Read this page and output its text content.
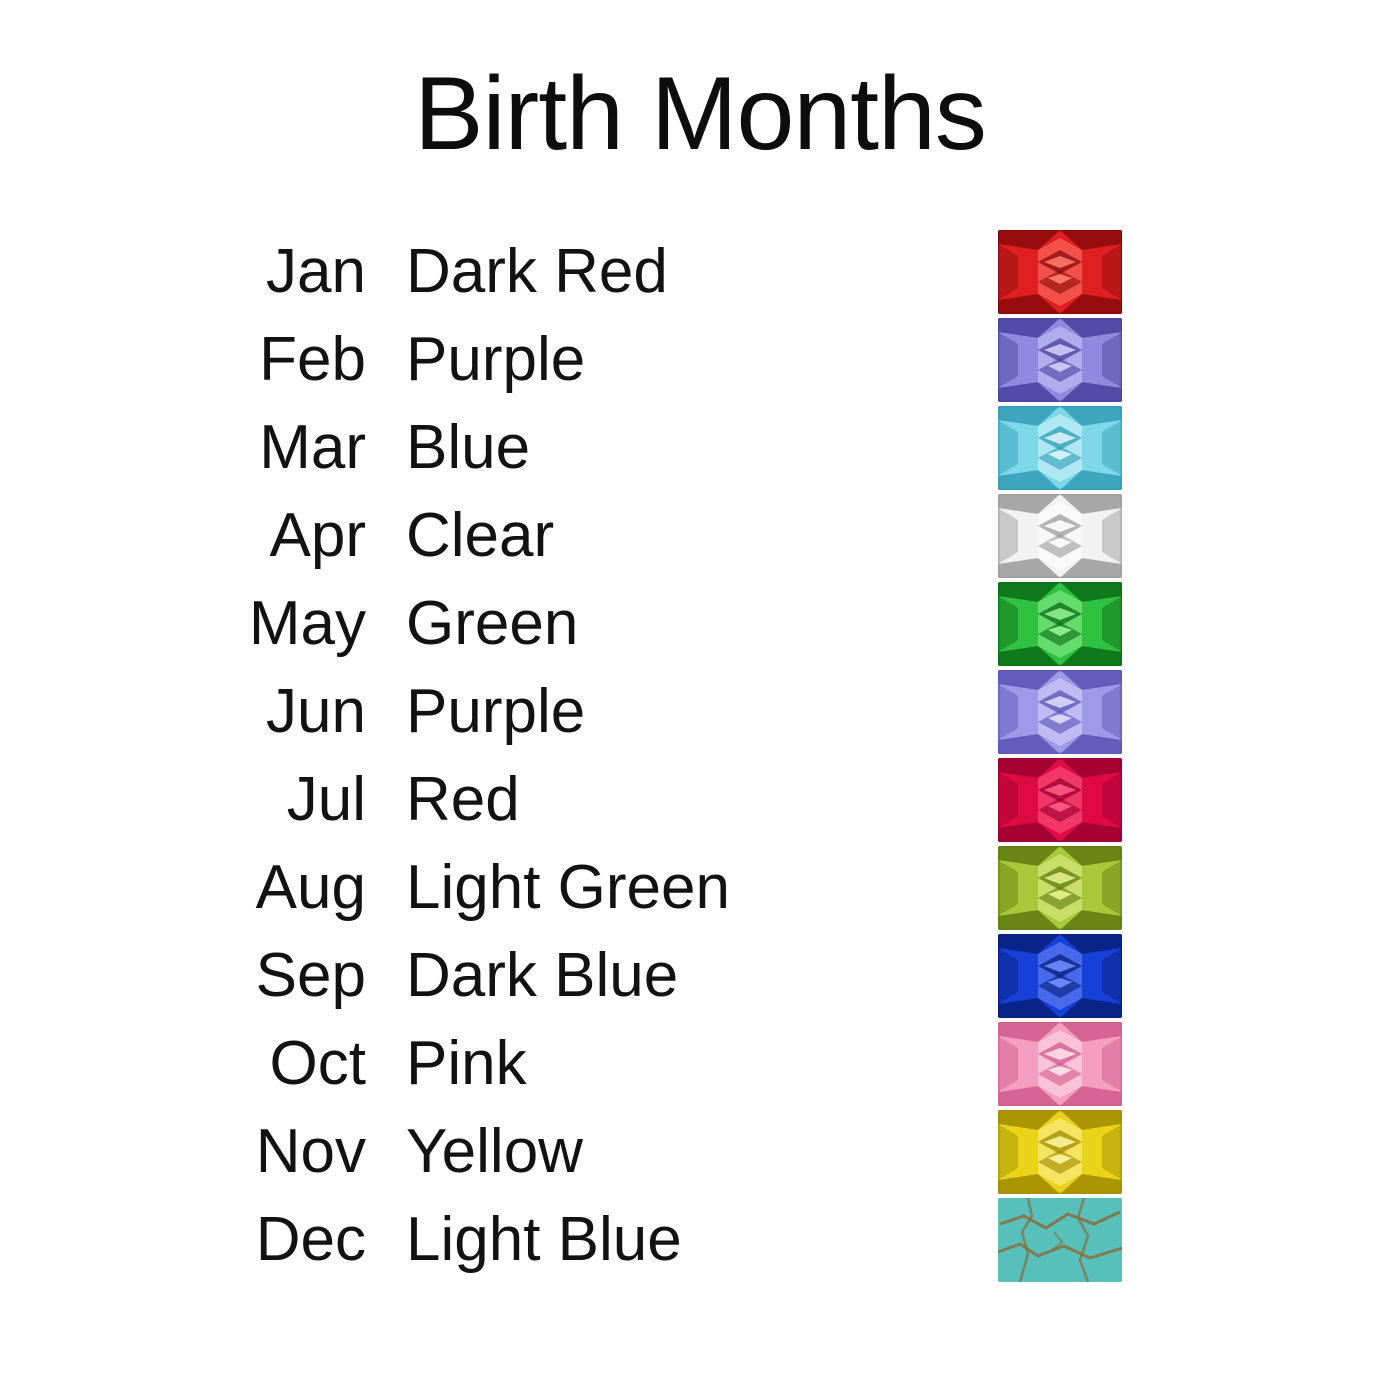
Birth Months
Jan Dark Red
Feb Purple
Mar Blue
Apr Clear
May Green
Jun Purple
Jul Red
Aug Light Green
Sep Dark Blue
Oct Pink
Nov Yellow
Dec Light Blue
